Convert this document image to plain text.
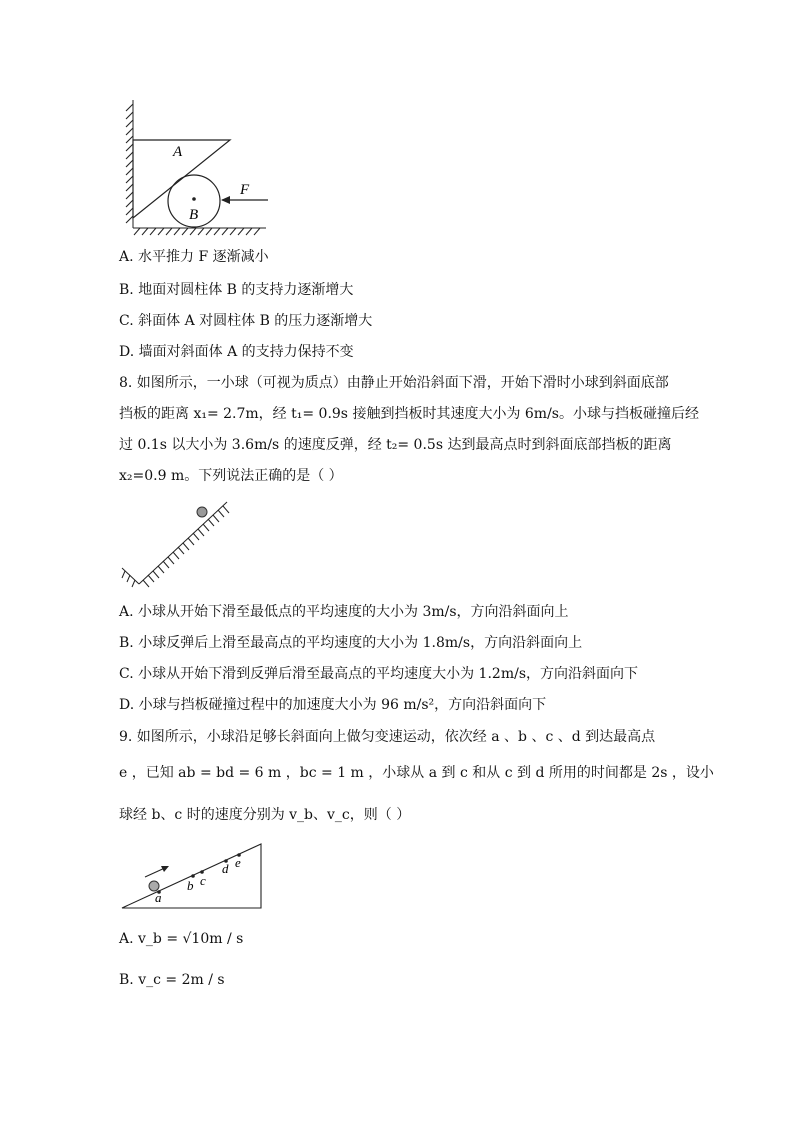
A
B
F
A. 水平推力 F 逐渐减小
B. 地面对圆柱体 B 的支持力逐渐增大
C. 斜面体 A 对圆柱体 B 的压力逐渐增大
D. 墙面对斜面体 A 的支持力保持不变
8. 如图所示，一小球（可视为质点）由静止开始沿斜面下滑，开始下滑时小球到斜面底部
挡板的距离 x₁= 2.7m，经 t₁= 0.9s 接触到挡板时其速度大小为 6m/s。小球与挡板碰撞后经
过 0.1s 以大小为 3.6m/s 的速度反弹，经 t₂= 0.5s 达到最高点时到斜面底部挡板的距离
x₂=0.9 m。下列说法正确的是（ ）
A. 小球从开始下滑至最低点的平均速度的大小为 3m/s，方向沿斜面向上
B. 小球反弹后上滑至最高点的平均速度的大小为 1.8m/s，方向沿斜面向上
C. 小球从开始下滑到反弹后滑至最高点的平均速度大小为 1.2m/s，方向沿斜面向下
D. 小球与挡板碰撞过程中的加速度大小为 96 m/s²，方向沿斜面向下
9. 如图所示，小球沿足够长斜面向上做匀变速运动，依次经 a 、b 、c 、d 到达最高点
e ，已知 ab = bd = 6 m ，bc = 1 m ，小球从 a 到 c 和从 c 到 d 所用的时间都是 2s ，设小
球经 b、c 时的速度分别为 v_b、v_c，则（ ）
a
b c
d e
A. v_b = √10m / s
B. v_c = 2m / s
